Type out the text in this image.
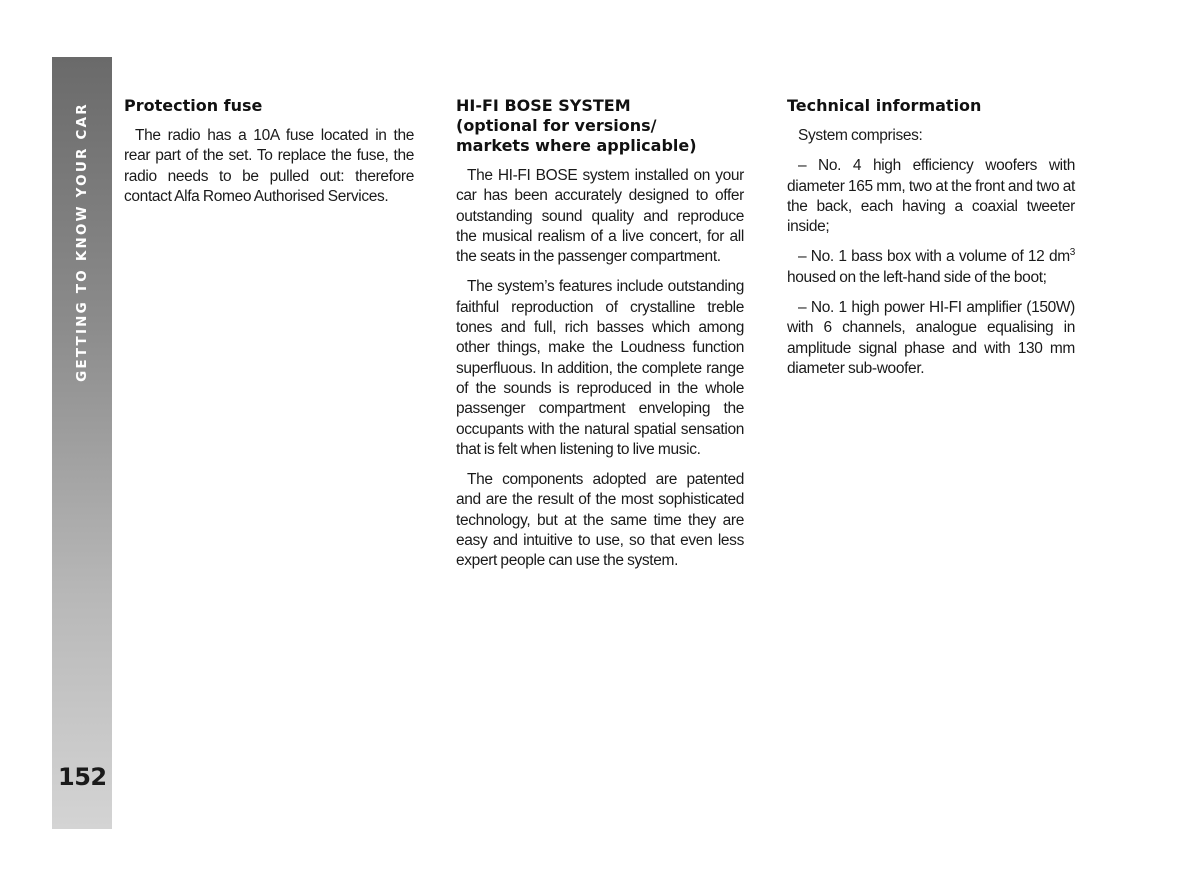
GETTING TO KNOW YOUR CAR
152
Protection fuse

The radio has a 10A fuse located in the rear part of the set. To replace the fuse, the radio needs to be pulled out: therefore contact Alfa Romeo Authorised Services.

HI-FI BOSE SYSTEM
(optional for versions/
markets where applicable)

The HI-FI BOSE system installed on your car has been accurately designed to offer outstanding sound quality and reproduce the musical realism of a live concert, for all the seats in the passenger compartment.

The system’s features include outstanding faithful reproduction of crystalline treble tones and full, rich basses which among other things, make the Loudness function superfluous. In addition, the complete range of the sounds is reproduced in the whole passenger compartment enveloping the occupants with the natural spatial sensation that is felt when listening to live music.

The components adopted are patented and are the result of the most sophisticated technology, but at the same time they are easy and intuitive to use, so that even less expert people can use the system.

Technical information

System comprises:

– No. 4 high efficiency woofers with diameter 165 mm, two at the front and two at the back, each having a coaxial tweeter inside;

– No. 1 bass box with a volume of 12 $dm^3$ housed on the left-hand side of the boot;

– No. 1 high power HI-FI amplifier (150W) with 6 channels, analogue equalising in amplitude signal phase and with 130 mm diameter sub-woofer.
